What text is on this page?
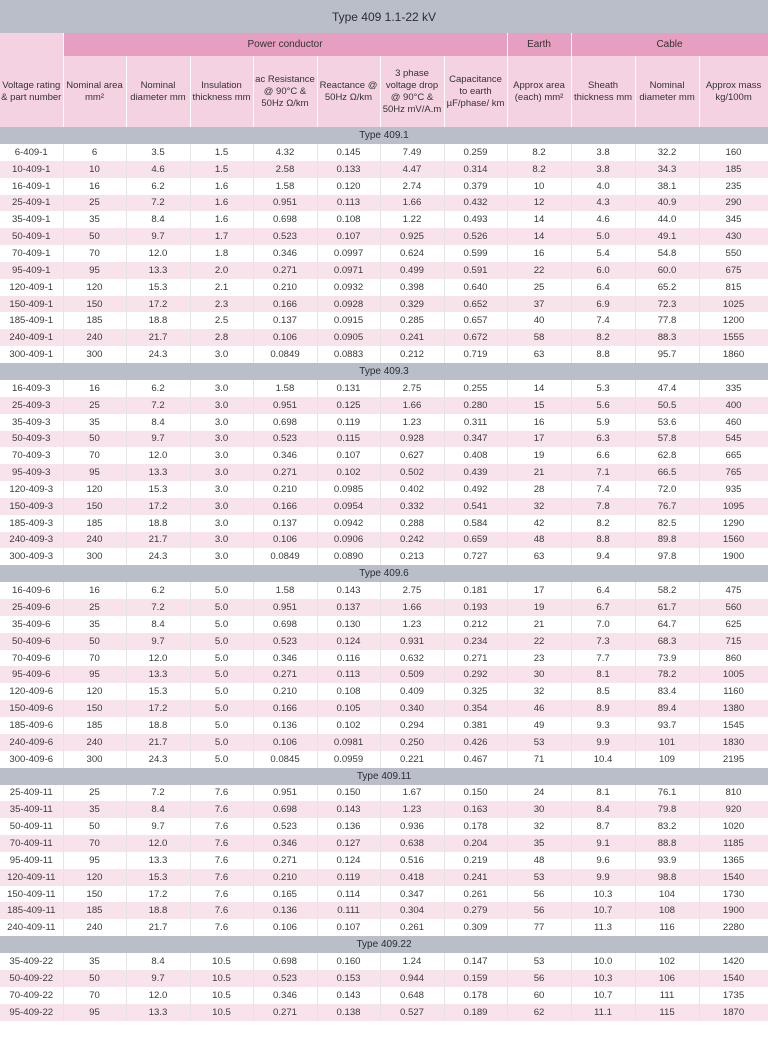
Type 409 1.1-22 kV
	Power conductor							Earth	Cable		
Voltage rating & part number	Nominal area mm²	Nominal diameter mm	Insulation thickness mm	ac Resistance @ 90°C & 50Hz Ω/km	Reactance @ 50Hz Ω/km	3 phase voltage drop @ 90°C & 50Hz mV/A.m	Capacitance to earth µF/phase/ km	Approx area (each) mm²	Sheath thickness mm	Nominal diameter mm	Approx mass kg/100m
Type 409.1											
6-409-1	6	3.5	1.5	4.32	0.145	7.49	0.259	8.2	3.8	32.2	160
10-409-1	10	4.6	1.5	2.58	0.133	4.47	0.314	8.2	3.8	34.3	185
16-409-1	16	6.2	1.6	1.58	0.120	2.74	0.379	10	4.0	38.1	235
25-409-1	25	7.2	1.6	0.951	0.113	1.66	0.432	12	4.3	40.9	290
35-409-1	35	8.4	1.6	0.698	0.108	1.22	0.493	14	4.6	44.0	345
50-409-1	50	9.7	1.7	0.523	0.107	0.925	0.526	14	5.0	49.1	430
70-409-1	70	12.0	1.8	0.346	0.0997	0.624	0.599	16	5.4	54.8	550
95-409-1	95	13.3	2.0	0.271	0.0971	0.499	0.591	22	6.0	60.0	675
120-409-1	120	15.3	2.1	0.210	0.0932	0.398	0.640	25	6.4	65.2	815
150-409-1	150	17.2	2.3	0.166	0.0928	0.329	0.652	37	6.9	72.3	1025
185-409-1	185	18.8	2.5	0.137	0.0915	0.285	0.657	40	7.4	77.8	1200
240-409-1	240	21.7	2.8	0.106	0.0905	0.241	0.672	58	8.2	88.3	1555
300-409-1	300	24.3	3.0	0.0849	0.0883	0.212	0.719	63	8.8	95.7	1860
Type 409.3											
16-409-3	16	6.2	3.0	1.58	0.131	2.75	0.255	14	5.3	47.4	335
25-409-3	25	7.2	3.0	0.951	0.125	1.66	0.280	15	5.6	50.5	400
35-409-3	35	8.4	3.0	0.698	0.119	1.23	0.311	16	5.9	53.6	460
50-409-3	50	9.7	3.0	0.523	0.115	0.928	0.347	17	6.3	57.8	545
70-409-3	70	12.0	3.0	0.346	0.107	0.627	0.408	19	6.6	62.8	665
95-409-3	95	13.3	3.0	0.271	0.102	0.502	0.439	21	7.1	66.5	765
120-409-3	120	15.3	3.0	0.210	0.0985	0.402	0.492	28	7.4	72.0	935
150-409-3	150	17.2	3.0	0.166	0.0954	0.332	0.541	32	7.8	76.7	1095
185-409-3	185	18.8	3.0	0.137	0.0942	0.288	0.584	42	8.2	82.5	1290
240-409-3	240	21.7	3.0	0.106	0.0906	0.242	0.659	48	8.8	89.8	1560
300-409-3	300	24.3	3.0	0.0849	0.0890	0.213	0.727	63	9.4	97.8	1900
Type 409.6											
16-409-6	16	6.2	5.0	1.58	0.143	2.75	0.181	17	6.4	58.2	475
25-409-6	25	7.2	5.0	0.951	0.137	1.66	0.193	19	6.7	61.7	560
35-409-6	35	8.4	5.0	0.698	0.130	1.23	0.212	21	7.0	64.7	625
50-409-6	50	9.7	5.0	0.523	0.124	0.931	0.234	22	7.3	68.3	715
70-409-6	70	12.0	5.0	0.346	0.116	0.632	0.271	23	7.7	73.9	860
95-409-6	95	13.3	5.0	0.271	0.113	0.509	0.292	30	8.1	78.2	1005
120-409-6	120	15.3	5.0	0.210	0.108	0.409	0.325	32	8.5	83.4	1160
150-409-6	150	17.2	5.0	0.166	0.105	0.340	0.354	46	8.9	89.4	1380
185-409-6	185	18.8	5.0	0.136	0.102	0.294	0.381	49	9.3	93.7	1545
240-409-6	240	21.7	5.0	0.106	0.0981	0.250	0.426	53	9.9	101	1830
300-409-6	300	24.3	5.0	0.0845	0.0959	0.221	0.467	71	10.4	109	2195
Type 409.11											
25-409-11	25	7.2	7.6	0.951	0.150	1.67	0.150	24	8.1	76.1	810
35-409-11	35	8.4	7.6	0.698	0.143	1.23	0.163	30	8.4	79.8	920
50-409-11	50	9.7	7.6	0.523	0.136	0.936	0.178	32	8.7	83.2	1020
70-409-11	70	12.0	7.6	0.346	0.127	0.638	0.204	35	9.1	88.8	1185
95-409-11	95	13.3	7.6	0.271	0.124	0.516	0.219	48	9.6	93.9	1365
120-409-11	120	15.3	7.6	0.210	0.119	0.418	0.241	53	9.9	98.8	1540
150-409-11	150	17.2	7.6	0.165	0.114	0.347	0.261	56	10.3	104	1730
185-409-11	185	18.8	7.6	0.136	0.111	0.304	0.279	56	10.7	108	1900
240-409-11	240	21.7	7.6	0.106	0.107	0.261	0.309	77	11.3	116	2280
Type 409.22											
35-409-22	35	8.4	10.5	0.698	0.160	1.24	0.147	53	10.0	102	1420
50-409-22	50	9.7	10.5	0.523	0.153	0.944	0.159	56	10.3	106	1540
70-409-22	70	12.0	10.5	0.346	0.143	0.648	0.178	60	10.7	111	1735
95-409-22	95	13.3	10.5	0.271	0.138	0.527	0.189	62	11.1	115	1870
